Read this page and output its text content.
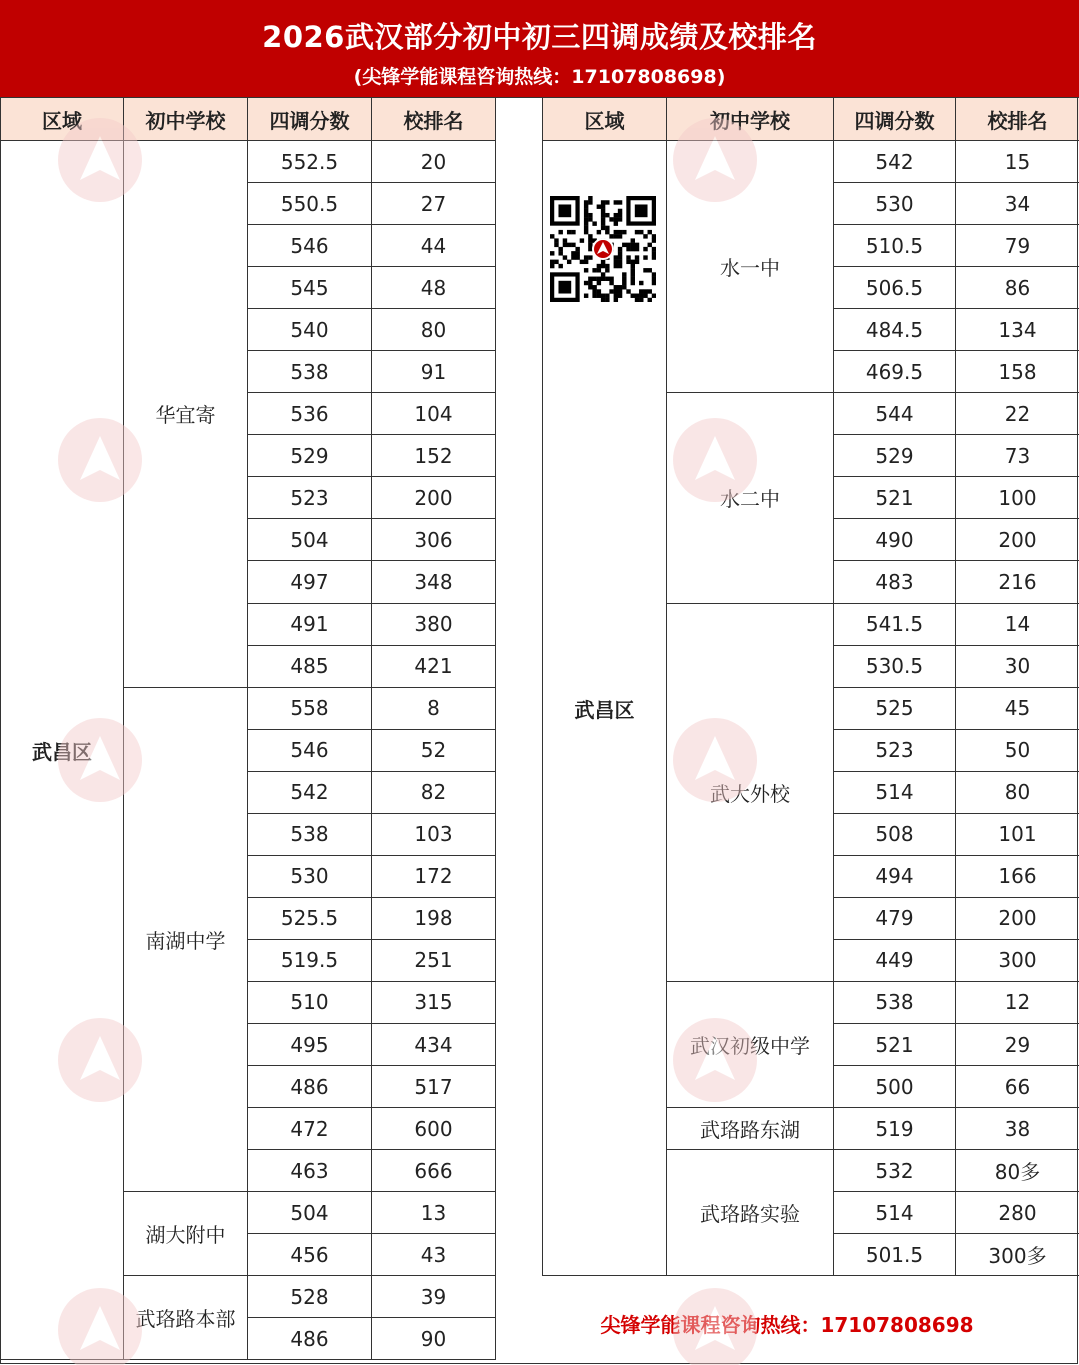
2026武汉部分初中初三四调成绩及校排名
(尖锋学能课程咨询热线：17107808698)
区域	初中学校	四调分数	校排名
武昌区	华宜寄	552.5	20
		550.5	27
		546	44
		545	48
		540	80
		538	91
		536	104
		529	152
		523	200
		504	306
		497	348
		491	380
		485	421
	南湖中学	558	8
		546	52
		542	82
		538	103
		530	172
		525.5	198
		519.5	251
		510	315
		495	434
		486	517
		472	600
		463	666
	湖大附中	504	13
		456	43
	武珞路本部	528	39
		486	90
区域	初中学校	四调分数	校排名
武昌区	水一中	542	15
		530	34
		510.5	79
		506.5	86
		484.5	134
		469.5	158
	水二中	544	22
		529	73
		521	100
		490	200
		483	216
	武大外校	541.5	14
		530.5	30
		525	45
		523	50
		514	80
		508	101
		494	166
		479	200
		449	300
	武汉初级中学	538	12
		521	29
		500	66
	武珞路东湖	519	38
	武珞路实验	532	80多
		514	280
		501.5	300多
尖锋学能课程咨询热线：17107808698
